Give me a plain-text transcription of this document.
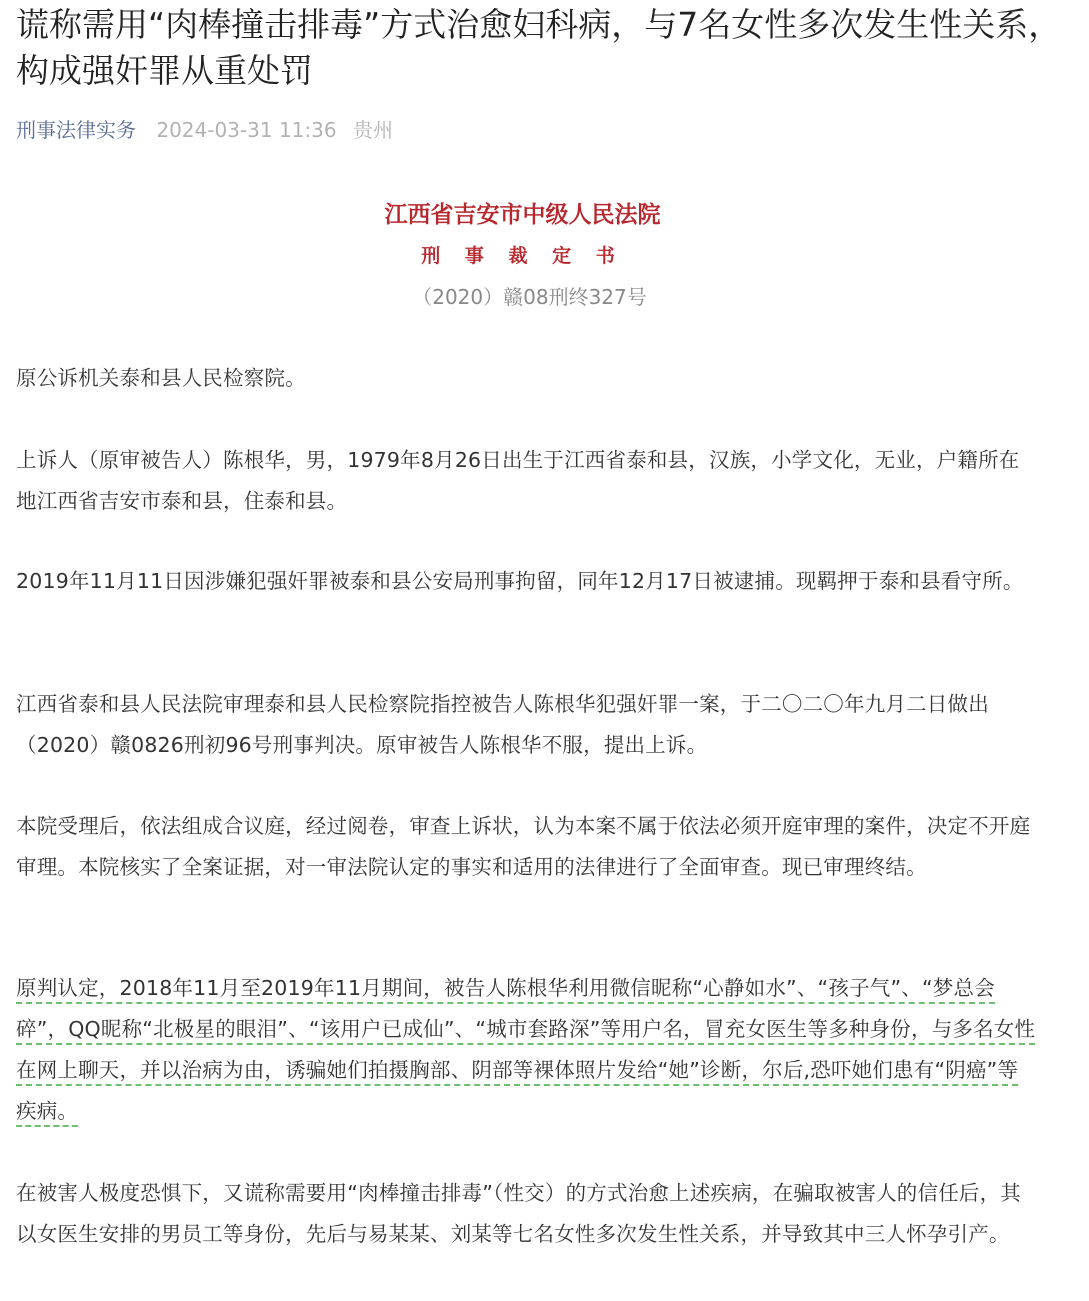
谎称需用“肉棒撞击排毒”方式治愈妇科病，与7名女性多次发生性关系，构成强奸罪从重处罚
刑事法律实务 2024-03-31 11:36 贵州
江西省吉安市中级人民法院
刑 事 裁 定 书
（2020）赣08刑终327号

原公诉机关泰和县人民检察院。

上诉人（原审被告人）陈根华，男，1979年8月26日出生于江西省泰和县，汉族，小学文化，无业，户籍所在地江西省吉安市泰和县，住泰和县。

2019年11月11日因涉嫌犯强奸罪被泰和县公安局刑事拘留，同年12月17日被逮捕。现羁押于泰和县看守所。

江西省泰和县人民法院审理泰和县人民检察院指控被告人陈根华犯强奸罪一案，于二〇二〇年九月二日做出（2020）赣0826刑初96号刑事判决。原审被告人陈根华不服，提出上诉。

本院受理后，依法组成合议庭，经过阅卷，审查上诉状，认为本案不属于依法必须开庭审理的案件，决定不开庭审理。本院核实了全案证据，对一审法院认定的事实和适用的法律进行了全面审查。现已审理终结。

原判认定，2018年11月至2019年11月期间，被告人陈根华利用微信昵称“心静如水”、“孩子气”、“梦总会碎”，QQ昵称“北极星的眼泪”、“该用户已成仙”、“城市套路深”等用户名，冒充女医生等多种身份，与多名女性在网上聊天，并以治病为由，诱骗她们拍摄胸部、阴部等裸体照片发给“她”诊断，尔后,恐吓她们患有“阴癌”等疾病。

在被害人极度恐惧下，又谎称需要用“肉棒撞击排毒”（性交）的方式治愈上述疾病，在骗取被害人的信任后，其以女医生安排的男员工等身份，先后与易某某、刘某等七名女性多次发生性关系，并导致其中三人怀孕引产。
